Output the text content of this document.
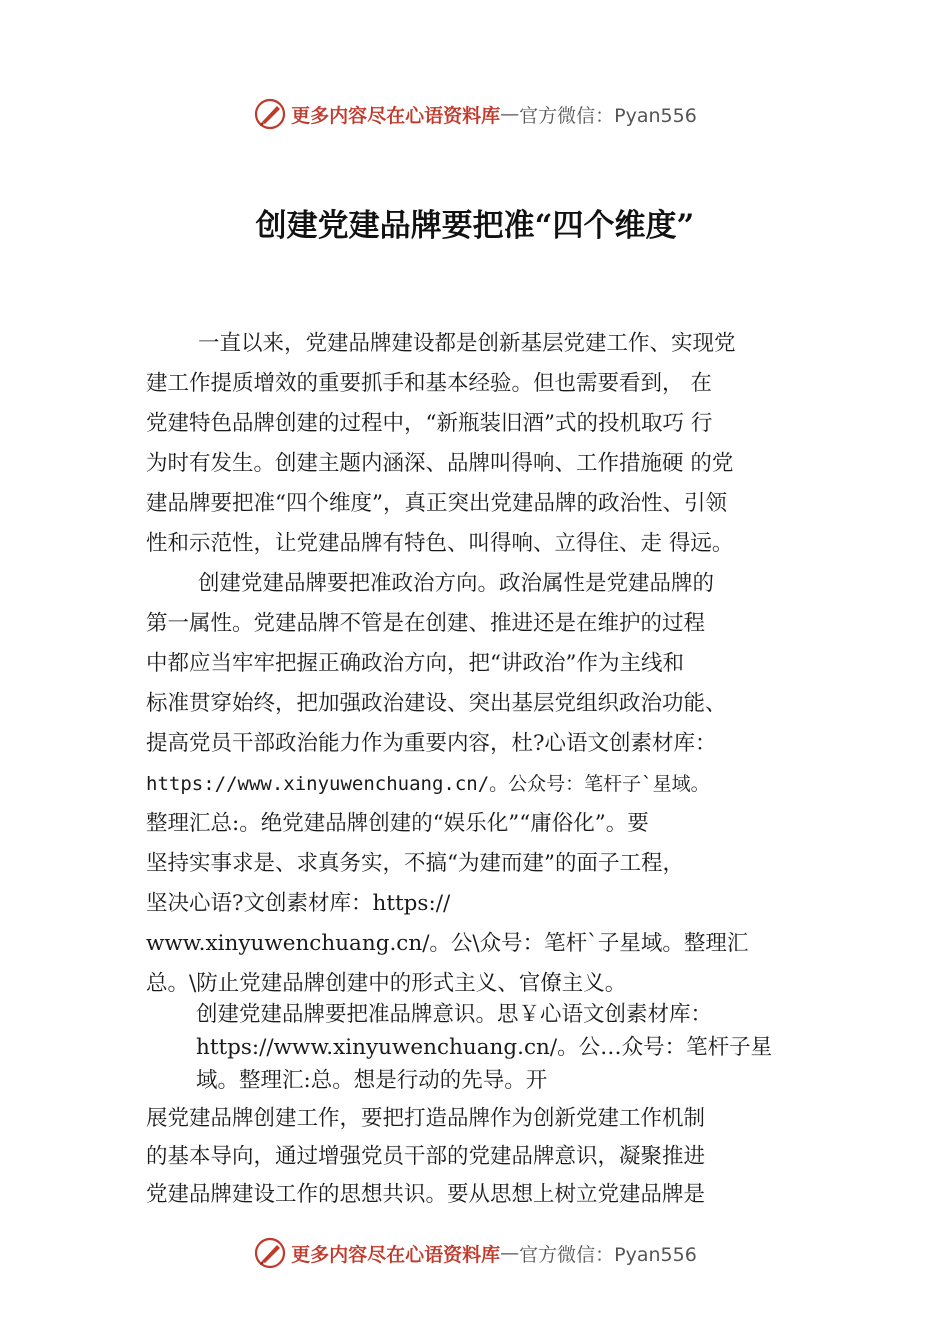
更多内容尽在心语资料库 — 官方微信：Pyan556
创建党建品牌要把准“四个维度”
一直以来，党建品牌建设都是创新基层党建工作、实现党
建工作提质增效的重要抓手和基本经验。但也需要看到， 在
党建特色品牌创建的过程中，“新瓶装旧酒”式的投机取巧 行
为时有发生。创建主题内涵深、品牌叫得响、工作措施硬 的党
建品牌要把准“四个维度”，真正突出党建品牌的政治性、引领
性和示范性，让党建品牌有特色、叫得响、立得住、走 得远。
创建党建品牌要把准政治方向。政治属性是党建品牌的
第一属性。党建品牌不管是在创建、推进还是在维护的过程
中都应当牢牢把握正确政治方向，把“讲政治”作为主线和
标准贯穿始终，把加强政治建设、突出基层党组织政治功能、
提高党员干部政治能力作为重要内容，杜?心语文创素材库：
https://www.xinyuwenchuang.cn/。公众号：笔杆子`星域。
整理汇总:。绝党建品牌创建的“娱乐化”“庸俗化”。要
坚持实事求是、求真务实，不搞“为建而建”的面子工程，
坚决心语?文创素材库：https://
www.xinyuwenchuang.cn/。公\众号：笔杆`子星域。整理汇
总。\防止党建品牌创建中的形式主义、官僚主义。
创建党建品牌要把准品牌意识。思￥心语文创素材库：
https://www.xinyuwenchuang.cn/。公…众号：笔杆子星
域。整理汇:总。想是行动的先导。开
展党建品牌创建工作，要把打造品牌作为创新党建工作机制
的基本导向，通过增强党员干部的党建品牌意识，凝聚推进
党建品牌建设工作的思想共识。要从思想上树立党建品牌是
更多内容尽在心语资料库 — 官方微信：Pyan556
